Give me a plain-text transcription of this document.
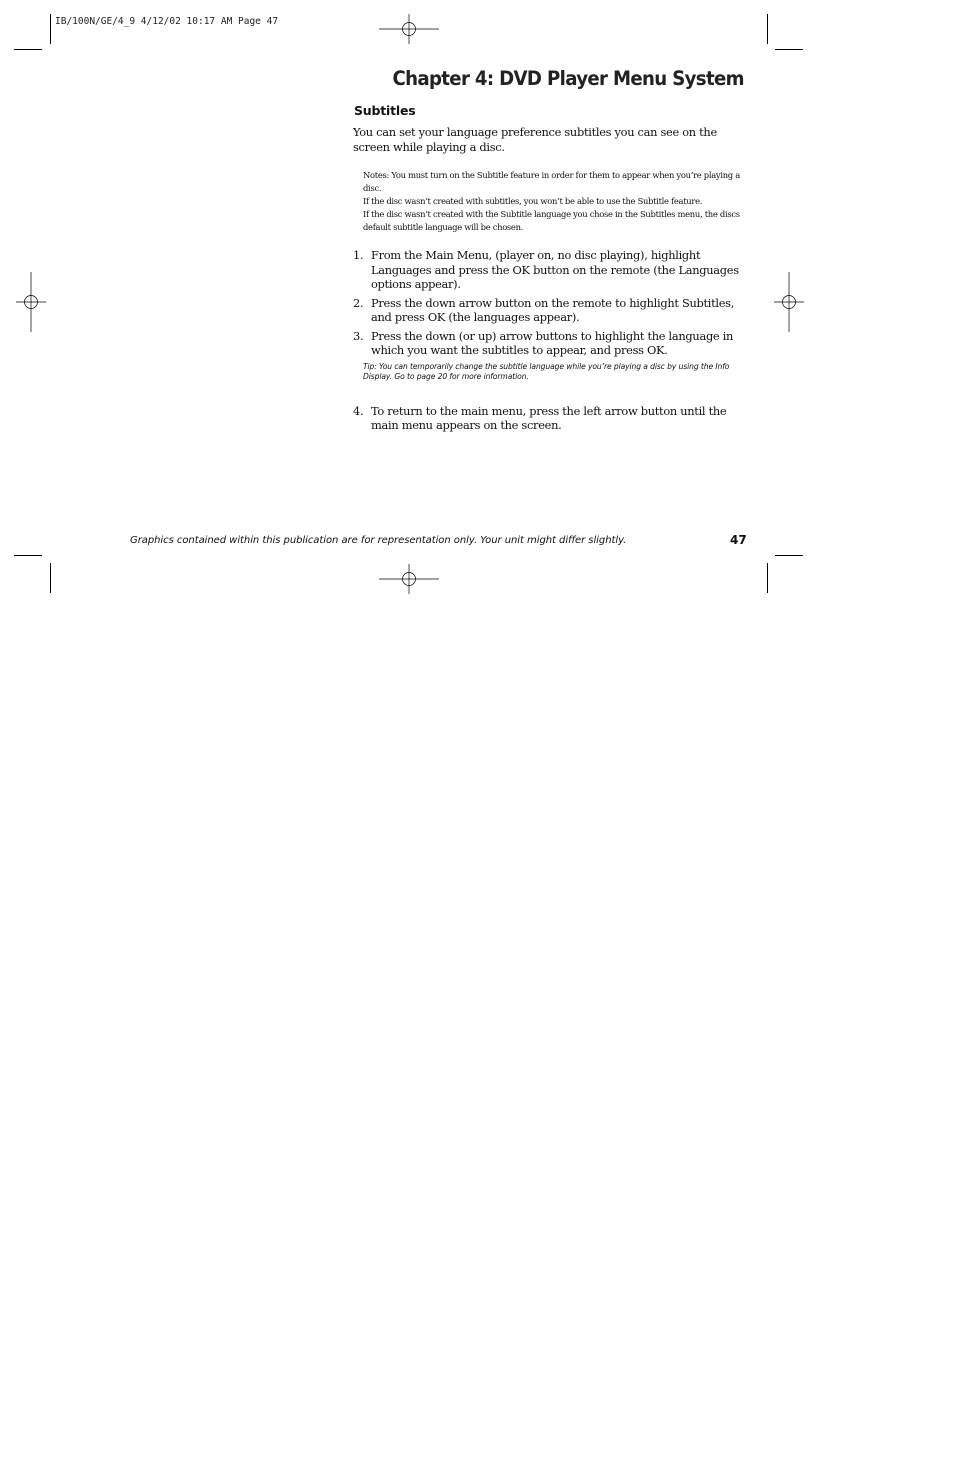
IB/100N/GE/4_9 4/12/02 10:17 AM Page 47
Chapter 4: DVD Player Menu System
Subtitles

You can set your language preference subtitles you can see on the screen while playing a disc.

Notes: You must turn on the Subtitle feature in order for them to appear when you’re playing a disc.
If the disc wasn’t created with subtitles, you won’t be able to use the Subtitle feature.
If the disc wasn’t created with the Subtitle language you chose in the Subtitles menu, the discs default subtitle language will be chosen.
1. From the Main Menu, (player on, no disc playing), highlight Languages and press the OK button on the remote (the Languages options appear).
2. Press the down arrow button on the remote to highlight Subtitles, and press OK (the languages appear).
3. Press the down (or up) arrow buttons to highlight the language in which you want the subtitles to appear, and press OK.
Tip: You can temporarily change the subtitle language while you’re playing a disc by using the Info Display. Go to page 20 for more information.
4. To return to the main menu, press the left arrow button until the main menu appears on the screen.
Graphics contained within this publication are for representation only. Your unit might differ slightly.	47
